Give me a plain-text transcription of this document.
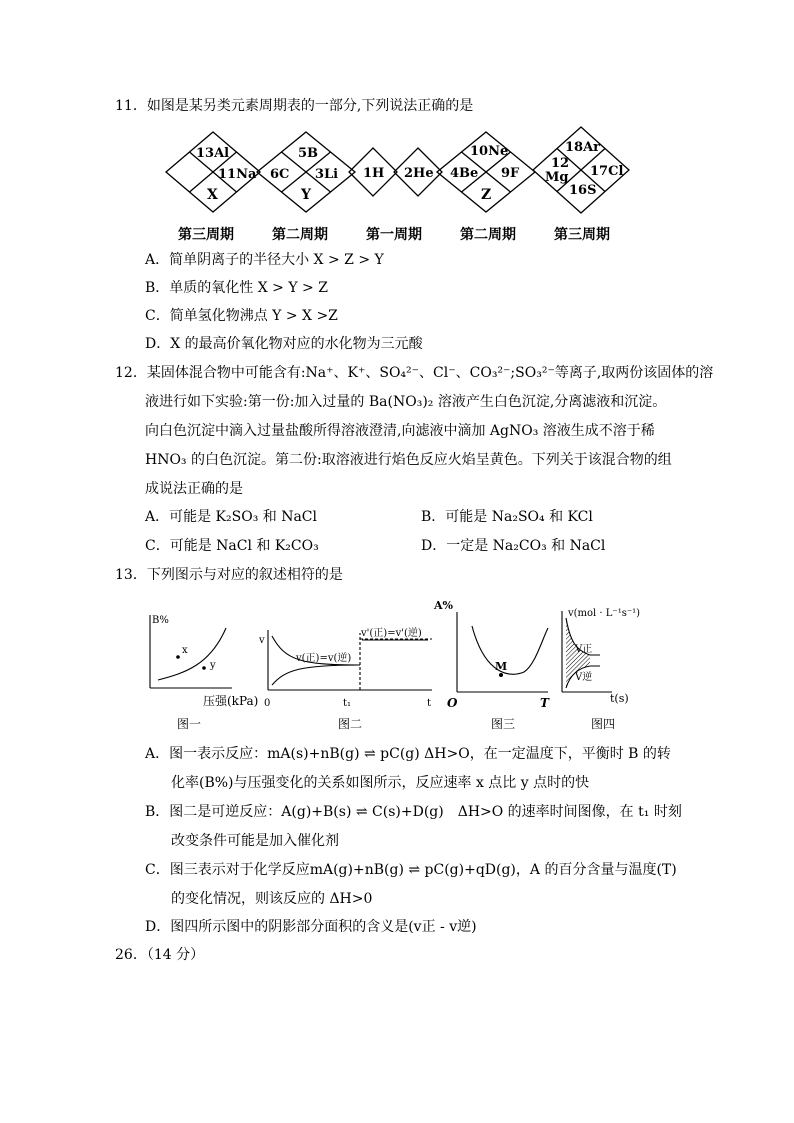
11．如图是某另类元素周期表的一部分,下列说法正确的是
13Al
11Na
X
5B
6C 3Li
Y
1H 2He
10Ne
4Be 9F
Z
18Ar
12
Mg 17Cl
16S
第三周期	第二周期	第一周期	第二周期	第三周期
A．简单阴离子的半径大小 X > Z > Y
B．单质的氧化性 X > Y > Z
C．简单氢化物沸点 Y > X >Z
D．X 的最高价氧化物对应的水化物为三元酸
12．某固体混合物中可能含有:Na⁺、K⁺、SO₄²⁻、Cl⁻、CO₃²⁻;SO₃²⁻等离子,取两份该固体的溶
液进行如下实验:第一份:加入过量的 Ba(NO₃)₂ 溶液产生白色沉淀,分离滤液和沉淀。
向白色沉淀中滴入过量盐酸所得溶液澄清,向滤液中滴加 AgNO₃ 溶液生成不溶于稀
HNO₃ 的白色沉淀。第二份:取溶液进行焰色反应火焰呈黄色。下列关于该混合物的组
成说法正确的是
A．可能是 K₂SO₃ 和 NaCl	B．可能是 Na₂SO₄ 和 KCl
C．可能是 NaCl 和 K₂CO₃	D．一定是 Na₂CO₃ 和 NaCl
13．下列图示与对应的叙述相符的是
B%
x
y
压强(kPa)
图一
v
v(正)=v(逆)
v'(正)=v'(逆)
0	t₁	t
图二
A%
M
O	T
图三
v(mol · L⁻¹s⁻¹)
V正
V逆
t(s)
图四
A．图一表示反应：mA(s)+nB(g) ⇌ pC(g) ΔH>O，在一定温度下，平衡时 B 的转
化率(B%)与压强变化的关系如图所示，反应速率 x 点比 y 点时的快
B．图二是可逆反应：A(g)+B(s) ⇌ C(s)+D(g)　ΔH>O 的速率时间图像，在 t₁ 时刻
改变条件可能是加入催化剂
C．图三表示对于化学反应mA(g)+nB(g) ⇌ pC(g)+qD(g)，A 的百分含量与温度(T)
的变化情况，则该反应的 ΔH>0
D．图四所示图中的阴影部分面积的含义是(v正 - v逆)
26．（14 分）
